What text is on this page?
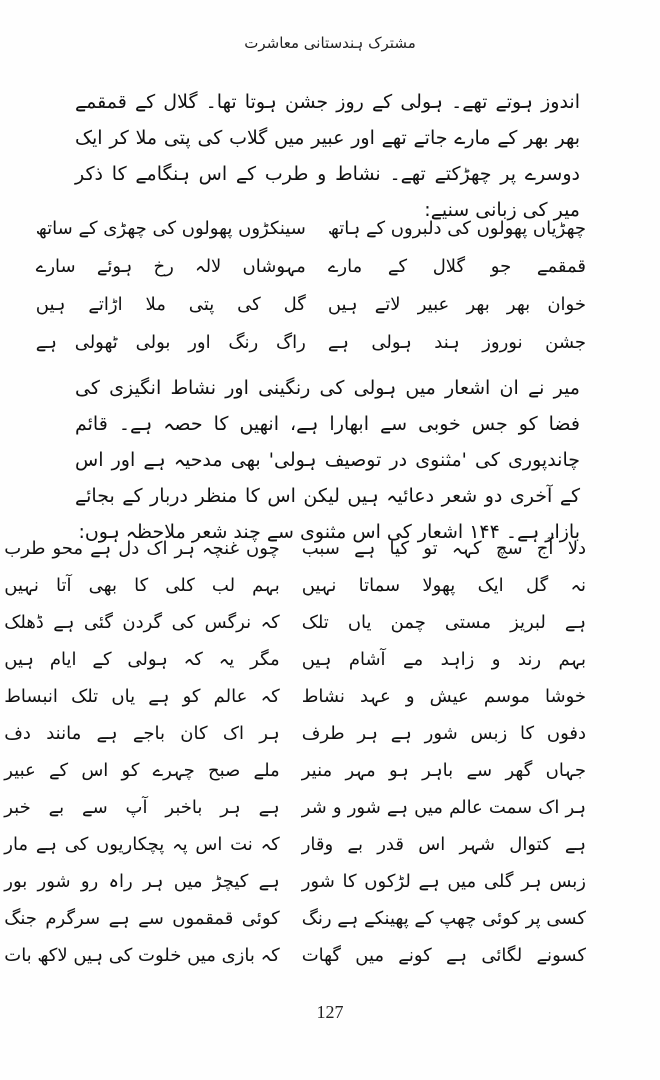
مشترک ہندستانی معاشرت
اندوز ہوتے تھے۔ ہولی کے روز جشن ہوتا تھا۔ گلال کے قمقمے بھر بھر کے مارے جاتے تھے اور عبیر میں گلاب کی پتی ملا کر ایک دوسرے پر چھڑکتے تھے۔ نشاط و طرب کے اس ہنگامے کا ذکر میر کی زبانی سنیے:
چھڑیاں پھولوں کی دلبروں کے ہاتھ
سینکڑوں پھولوں کی چھڑی کے ساتھ
قمقمے جو گلال کے مارے
مہوشاں لالہ رخ ہوئے سارے
خوان بھر بھر عبیر لاتے ہیں
گل کی پتی ملا اڑاتے ہیں
جشن نوروز ہند ہولی ہے
راگ رنگ اور بولی ٹھولی ہے
میر نے ان اشعار میں ہولی کی رنگینی اور نشاط انگیزی کی فضا کو جس خوبی سے ابھارا ہے، انھیں کا حصہ ہے۔ قائم چاندپوری کی 'مثنوی در توصیف ہولی' بھی مدحیہ ہے اور اس کے آخری دو شعر دعائیہ ہیں لیکن اس کا منظر دربار کے بجائے بازار ہے۔ ۱۴۴ اشعار کی اس مثنوی سے چند شعر ملاحظہ ہوں:
دلا آج سچ کہہ تو کیا ہے سبب
چوں غنچہ ہر اک دل ہے محو طرب
نہ گل ایک پھولا سماتا نہیں
بہم لب کلی کا بھی آتا نہیں
ہے لبریز مستی چمن یاں تلک
کہ نرگس کی گردن گئی ہے ڈھلک
بہم رند و زاہد مے آشام ہیں
مگر یہ کہ ہولی کے ایام ہیں
خوشا موسم عیش و عہد نشاط
کہ عالم کو ہے یاں تلک انبساط
دفوں کا زبس شور ہے ہر طرف
ہر اک کان باجے ہے مانند دف
جہاں گھر سے باہر ہو مہر منیر
ملے صبح چہرے کو اس کے عبیر
ہر اک سمت عالم میں ہے شور و شر
ہے ہر باخبر آپ سے بے خبر
ہے کتوال شہر اس قدر بے وقار
کہ نت اس پہ پچکاریوں کی ہے مار
زبس ہر گلی میں ہے لڑکوں کا شور
ہے کیچڑ میں ہر راہ رو شور بور
کسی پر کوئی چھپ کے پھینکے ہے رنگ
کوئی قمقموں سے ہے سرگرم جنگ
کسونے لگائی ہے کونے میں گھات
کہ بازی میں خلوت کی ہیں لاکھ بات
127
